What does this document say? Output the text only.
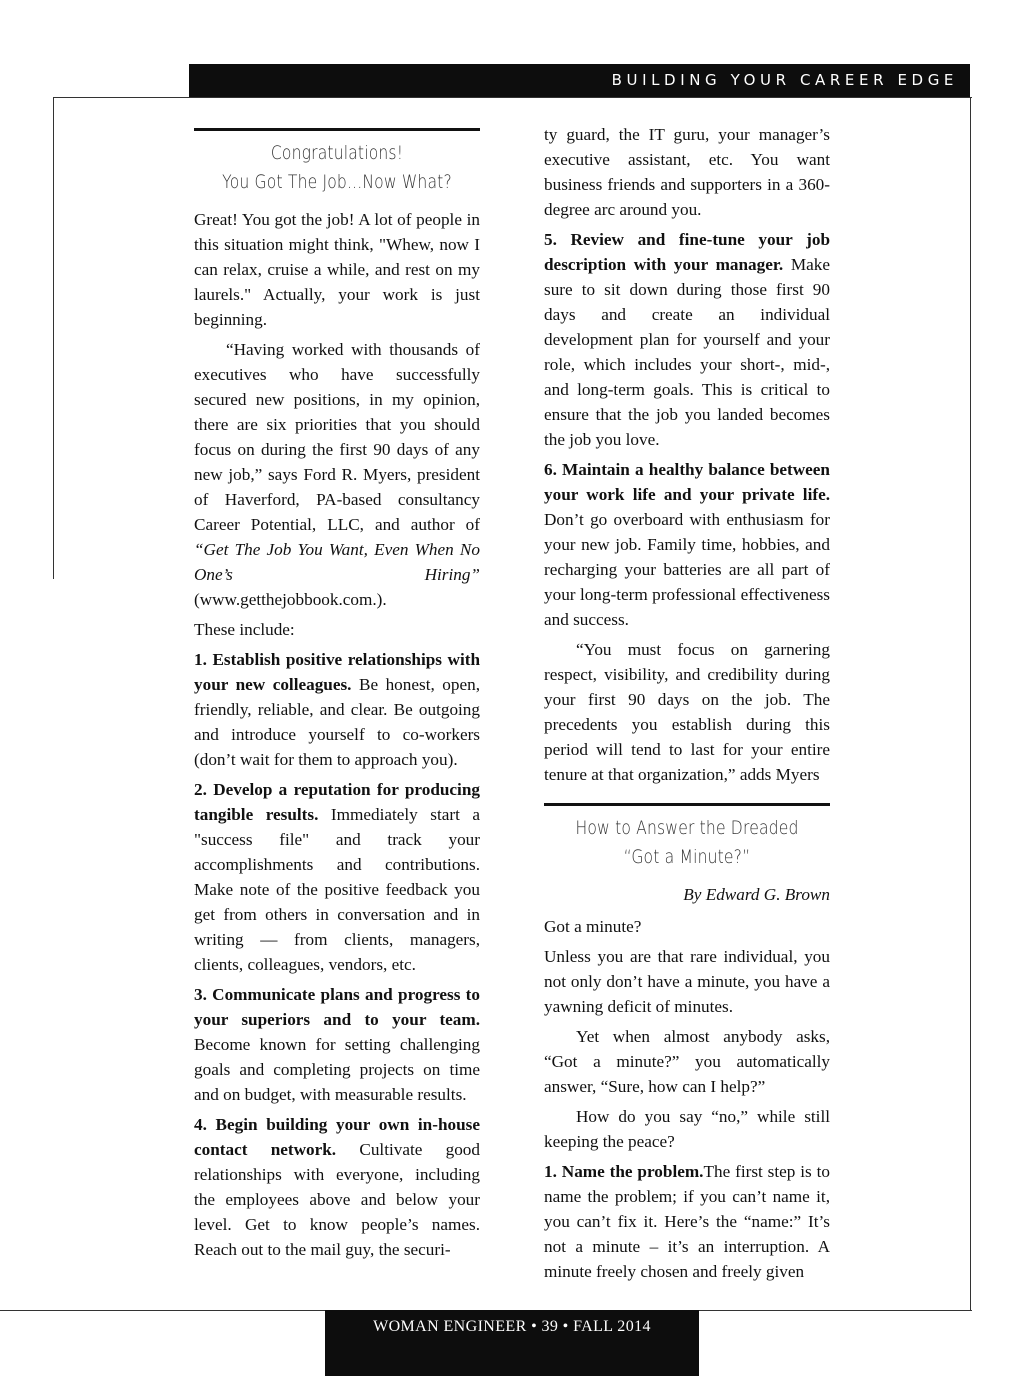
BUILDING YOUR CAREER EDGE
Congratulations!
You Got The Job...Now What?

Great! You got the job! A lot of people in this situation might think, "Whew, now I can relax, cruise a while, and rest on my laurels." Actually, your work is just beginning.

“Having worked with thousands of executives who have successfully secured new positions, in my opinion, there are six priorities that you should focus on during the first 90 days of any new job,” says Ford R. Myers, president of Haverford, PA-based consultancy Career Potential, LLC, and author of “Get The Job You Want, Even When No One’s Hiring” (www.getthejobbook.com.).

These include:

1. Establish positive relationships with your new colleagues. Be honest, open, friendly, reliable, and clear. Be outgoing and introduce yourself to co-workers (don’t wait for them to approach you).

2. Develop a reputation for producing tangible results. Immediately start a "success file" and track your accomplishments and contributions. Make note of the positive feedback you get from others in conversation and in writing — from clients, managers, clients, colleagues, vendors, etc.

3. Communicate plans and progress to your superiors and to your team. Become known for setting challenging goals and completing projects on time and on budget, with measurable results.

4. Begin building your own in-house contact network. Cultivate good relationships with everyone, including the employees above and below your level. Get to know people’s names. Reach out to the mail guy, the securi-

ty guard, the IT guru, your manager’s executive assistant, etc. You want business friends and supporters in a 360-degree arc around you.

5. Review and fine-tune your job description with your manager. Make sure to sit down during those first 90 days and create an individual development plan for yourself and your role, which includes your short-, mid-, and long-term goals. This is critical to ensure that the job you landed becomes the job you love.

6. Maintain a healthy balance between your work life and your private life. Don’t go overboard with enthusiasm for your new job. Family time, hobbies, and recharging your batteries are all part of your long-term professional effectiveness and success.

“You must focus on garnering respect, visibility, and credibility during your first 90 days on the job. The precedents you establish during this period will tend to last for your entire tenure at that organization,” adds Myers

How to Answer the Dreaded
“Got a Minute?”

By Edward G. Brown

Got a minute?

Unless you are that rare individual, you not only don’t have a minute, you have a yawning deficit of minutes.

Yet when almost anybody asks, “Got a minute?” you automatically answer, “Sure, how can I help?”

How do you say “no,” while still keeping the peace?

1. Name the problem.The first step is to name the problem; if you can’t name it, you can’t fix it. Here’s the “name:” It’s not a minute – it’s an interruption. A minute freely chosen and freely given

WOMAN ENGINEER • 39 • FALL 2014
